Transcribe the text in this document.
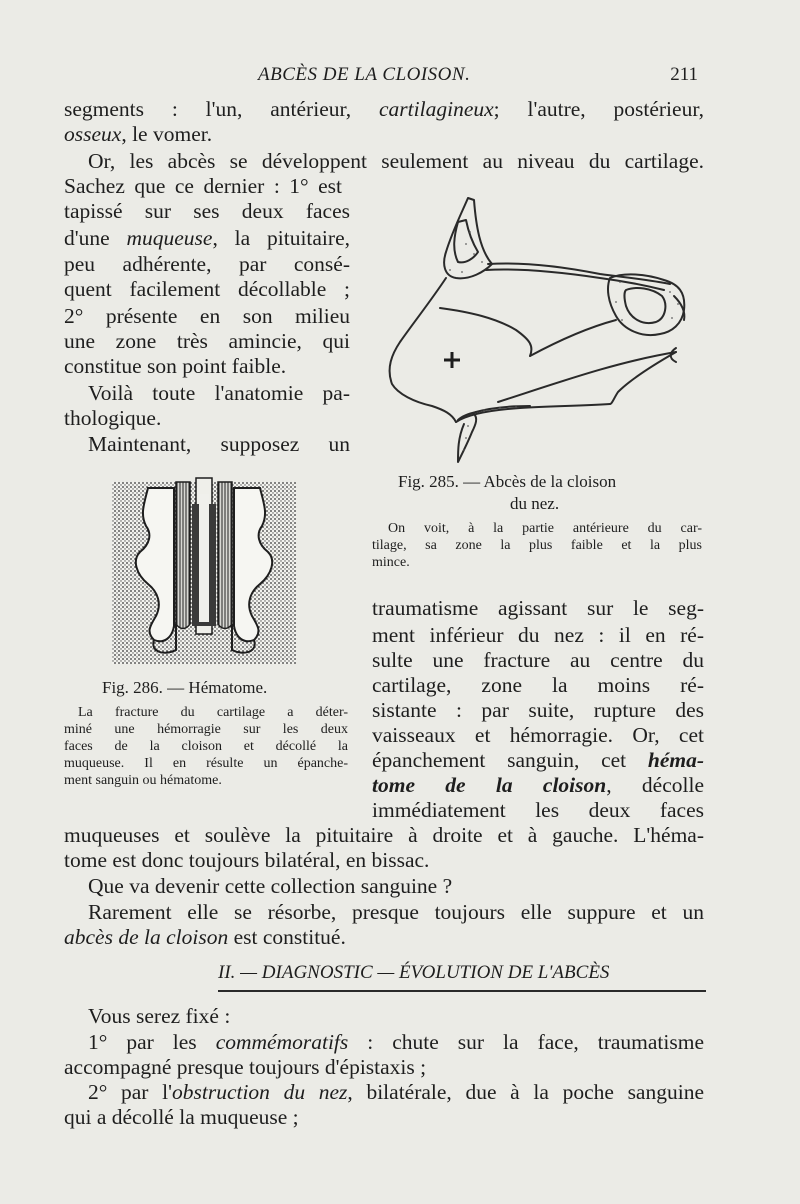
ABCÈS DE LA CLOISON.	211
segments : l'un, antérieur, cartilagineux; l'autre, postérieur,
osseux, le vomer.
Or, les abcès se développent seulement au niveau du cartilage.
Sachez que ce dernier : 1° est
tapissé sur ses deux faces
d'une muqueuse, la pituitaire,
peu adhérente, par consé-
quent facilement décollable ;
2° présente en son milieu
une zone très amincie, qui
constitue son point faible.
Voilà toute l'anatomie pa-
thologique.
Maintenant, supposez un
Fig. 285. — Abcès de la cloison
du nez.
On voit, à la partie antérieure du car-
tilage, sa zone la plus faible et la plus
mince.
Fig. 286. — Hématome.
La fracture du cartilage a déter-
miné une hémorragie sur les deux
faces de la cloison et décollé la
muqueuse. Il en résulte un épanche-
ment sanguin ou hématome.
traumatisme agissant sur le seg-
ment inférieur du nez : il en ré-
sulte une fracture au centre du
cartilage, zone la moins ré-
sistante : par suite, rupture des
vaisseaux et hémorragie. Or, cet
épanchement sanguin, cet héma-
tome de la cloison, décolle
immédiatement les deux faces
muqueuses et soulève la pituitaire à droite et à gauche. L'héma-
tome est donc toujours bilatéral, en bissac.
Que va devenir cette collection sanguine ?
Rarement elle se résorbe, presque toujours elle suppure et un
abcès de la cloison est constitué.
II. — DIAGNOSTIC — ÉVOLUTION DE L'ABCÈS
Vous serez fixé :
1° par les commémoratifs : chute sur la face, traumatisme
accompagné presque toujours d'épistaxis ;
2° par l'obstruction du nez, bilatérale, due à la poche sanguine
qui a décollé la muqueuse ;
